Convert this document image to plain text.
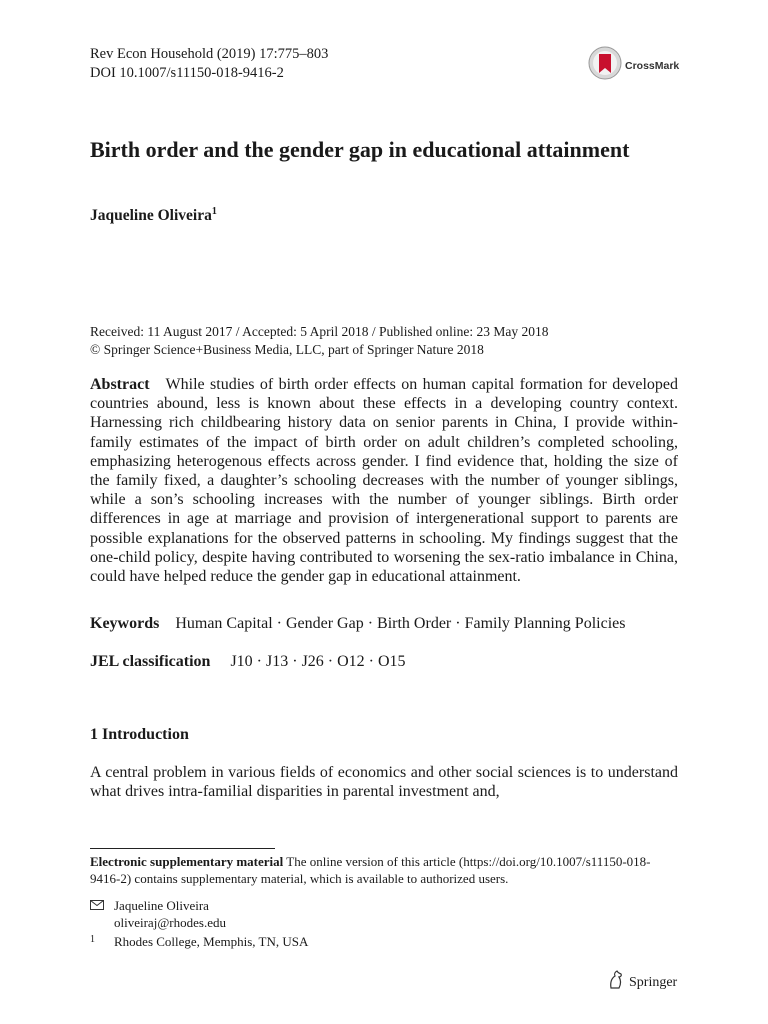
Rev Econ Household (2019) 17:775–803
DOI 10.1007/s11150-018-9416-2	CrossMark
Birth order and the gender gap in educational attainment
Jaqueline Oliveira$^1$
Received: 11 August 2017 / Accepted: 5 April 2018 / Published online: 23 May 2018
© Springer Science+Business Media, LLC, part of Springer Nature 2018
Abstract While studies of birth order effects on human capital formation for developed countries abound, less is known about these effects in a developing country context. Harnessing rich childbearing history data on senior parents in China, I provide within-family estimates of the impact of birth order on adult children’s completed schooling, emphasizing heterogenous effects across gender. I find evidence that, holding the size of the family fixed, a daughter’s schooling decreases with the number of younger siblings, while a son’s schooling increases with the number of younger siblings. Birth order differences in age at marriage and provision of intergenerational support to parents are possible explanations for the observed patterns in schooling. My findings suggest that the one-child policy, despite having contributed to worsening the sex-ratio imbalance in China, could have helped reduce the gender gap in educational attainment.
Keywords Human Capital · Gender Gap · Birth Order · Family Planning Policies
JEL classification J10 · J13 · J26 · O12 · O15
1 Introduction
A central problem in various fields of economics and other social sciences is to understand what drives intra-familial disparities in parental investment and,
Electronic supplementary material The online version of this article (https://doi.org/10.1007/s11150-018-9416-2) contains supplementary material, which is available to authorized users.
Jaqueline Oliveira
oliveiraj@rhodes.edu
1	Rhodes College, Memphis, TN, USA
Springer
